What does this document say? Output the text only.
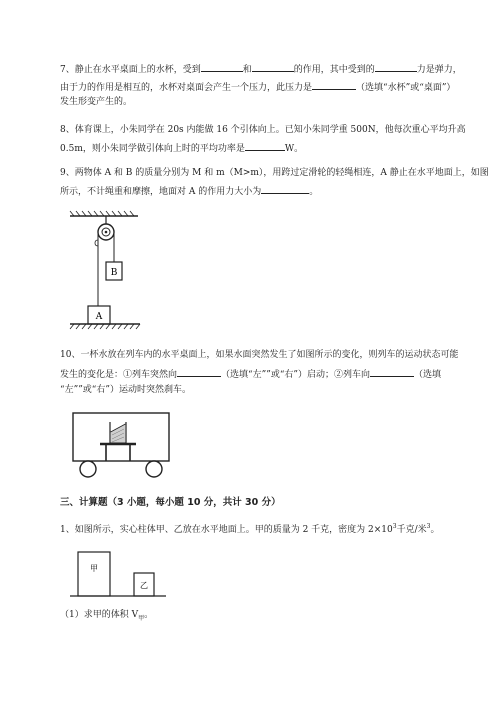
7、静止在水平桌面上的水杯，受到	和	的作用，其中受到的	力是弹力，
由于力的作用是相互的，水杯对桌面会产生一个压力，此压力是	（选填“水杯”或“桌面”）
发生形变产生的。
8、体育课上，小朱同学在 20s 内能做 16 个引体向上。已知小朱同学重 500N，他每次重心平均升高
0.5m，则小朱同学做引体向上时的平均功率是	W。
9、两物体 A 和 B 的质量分别为 M 和 m（M>m），用跨过定滑轮的轻绳相连，A 静止在水平地面上，如图
所示，不计绳重和摩擦，地面对 A 的作用力大小为	。
B
A
10、一杯水放在列车内的水平桌面上，如果水面突然发生了如图所示的变化，则列车的运动状态可能
发生的变化是：①列车突然向	（选填“左””或“右”）启动；②列车向	（选填
“左””或“右”）运动时突然刹车。
三、计算题（3 小题，每小题 10 分，共计 30 分）
1、如图所示，实心柱体甲、乙放在水平地面上。甲的质量为 2 千克，密度为 $2\times 10^3$千克/米$^3$。
甲
乙
（1）求甲的体积 $V_甲$。
